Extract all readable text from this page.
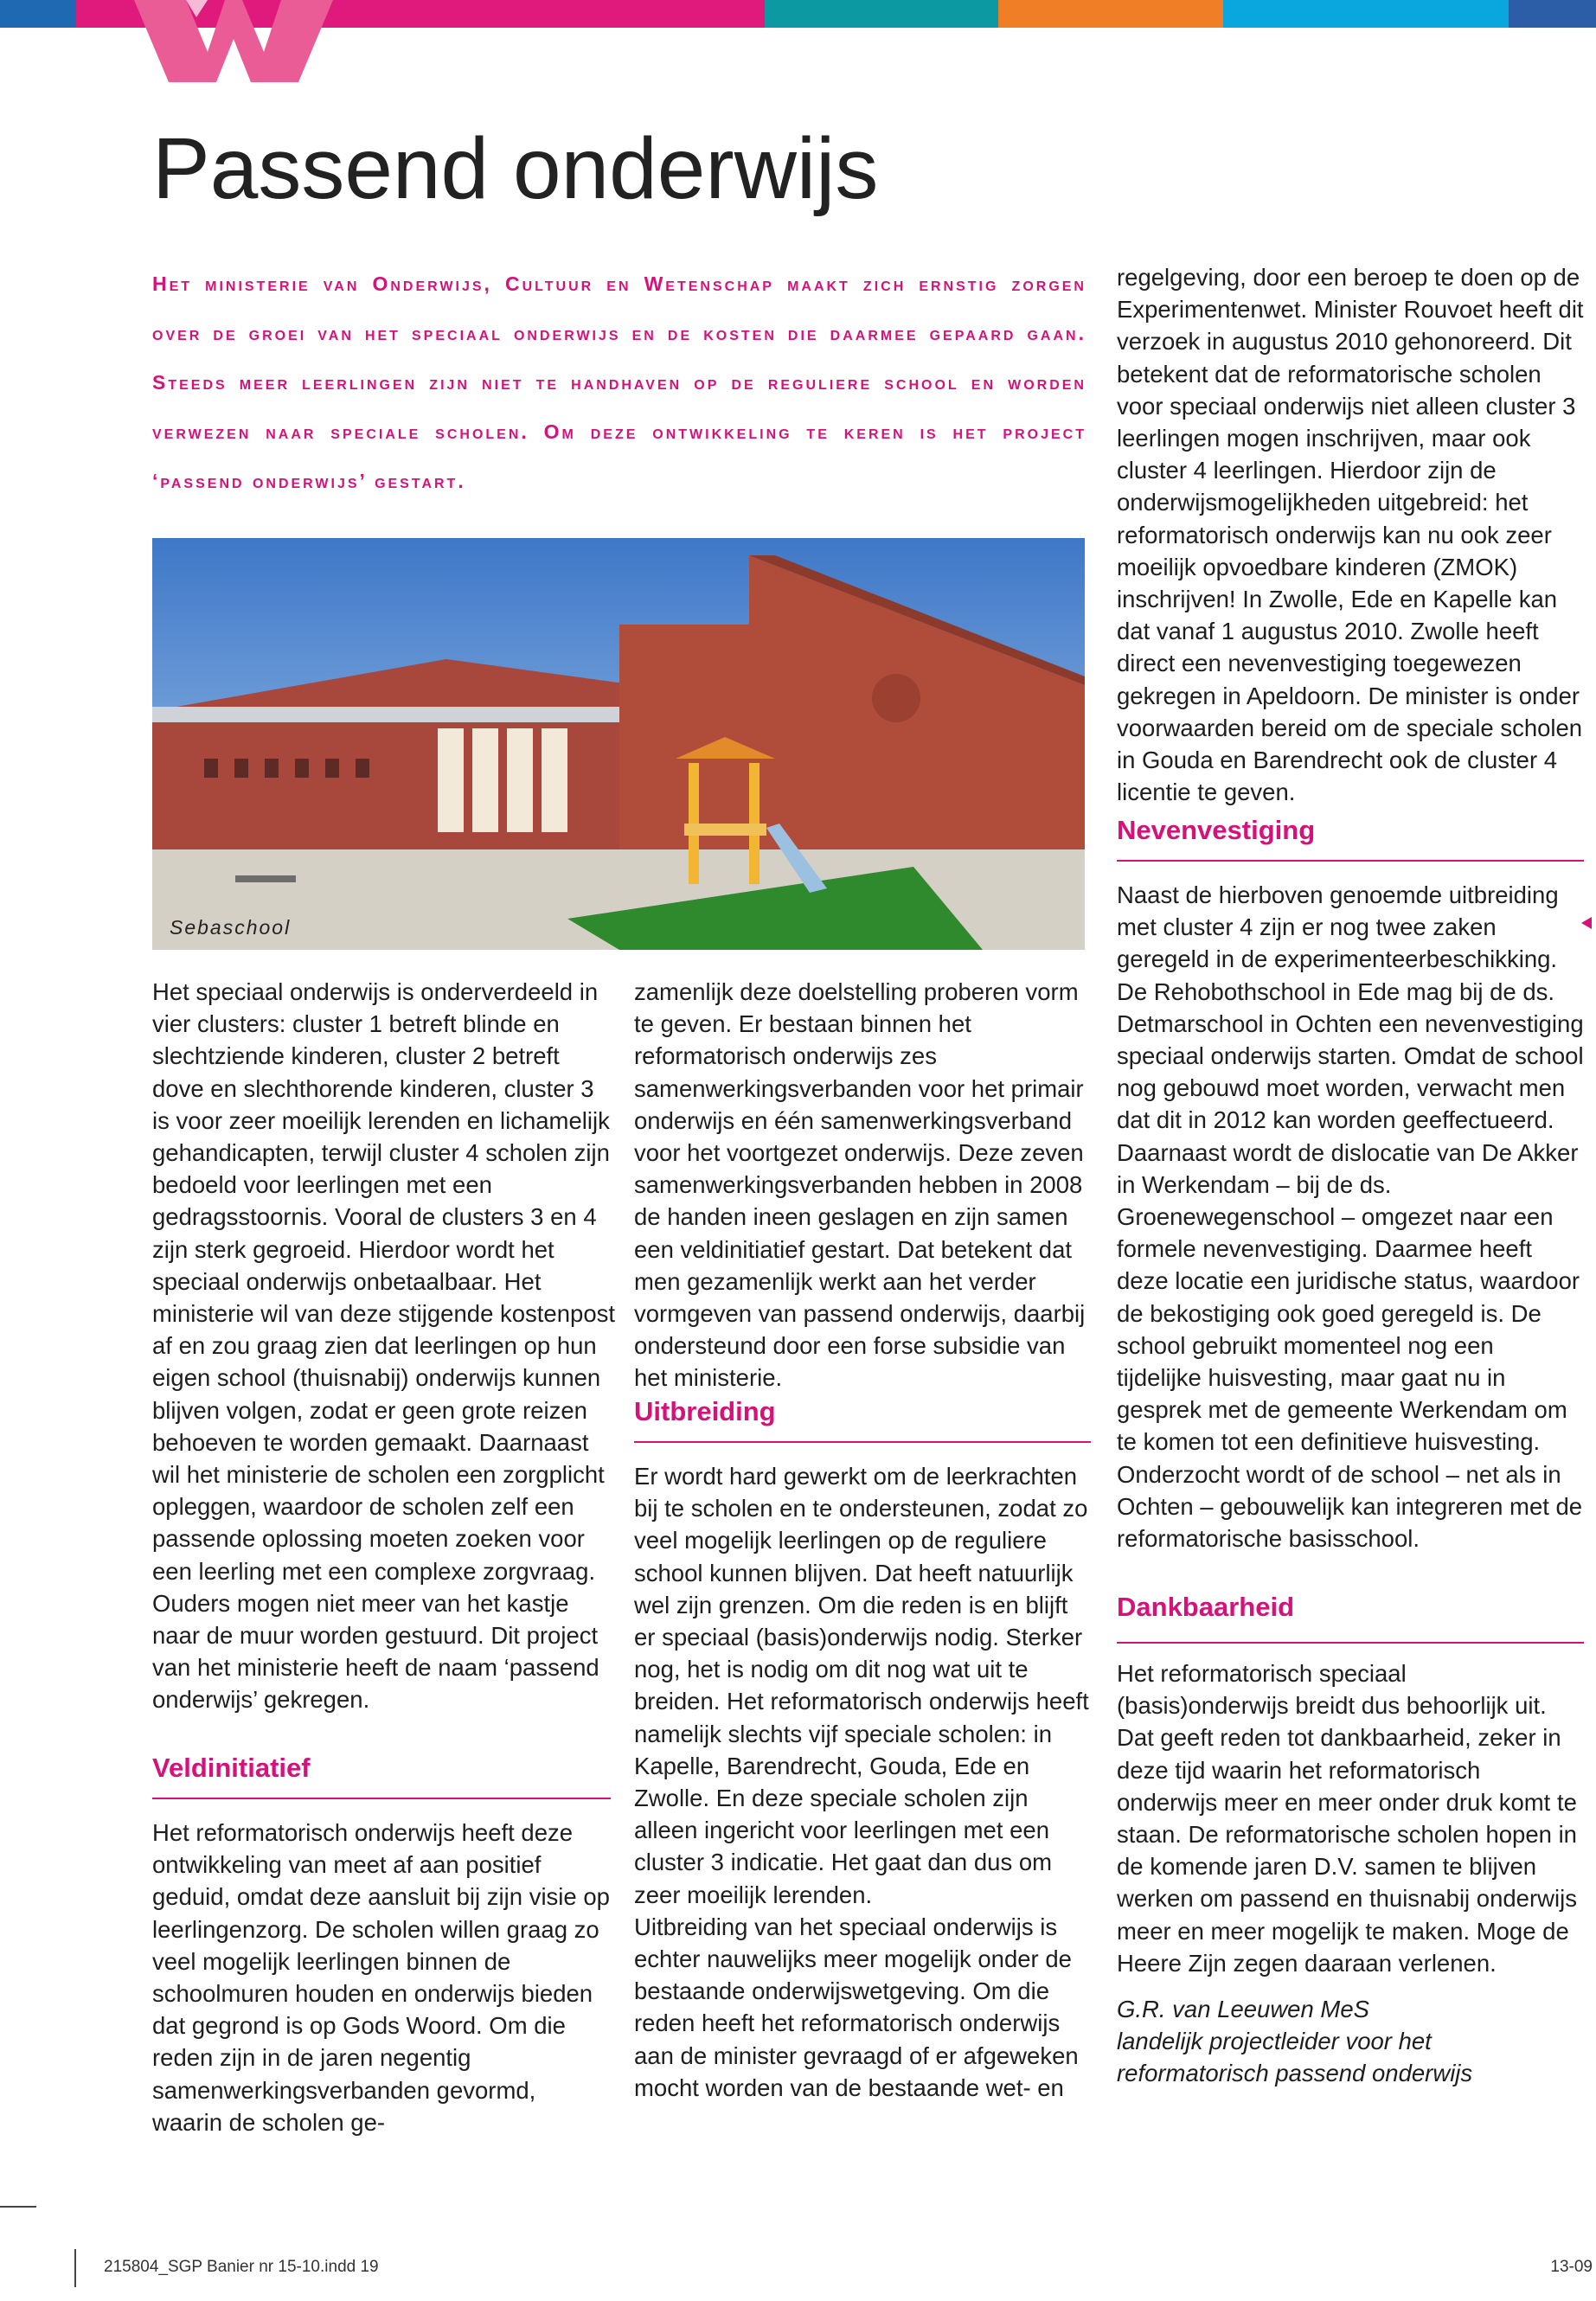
Passend onderwijs

Het ministerie van Onderwijs, Cultuur en Wetenschap maakt zich ernstig zorgen over de groei van het speciaal onderwijs en de kosten die daarmee gepaard gaan. Steeds meer leerlingen zijn niet te handhaven op de reguliere school en worden verwezen naar speciale scholen. Om deze ontwikkeling te keren is het project ‘passend onderwijs’ gestart.

Sebaschool

Het speciaal onderwijs is onderverdeeld in vier clusters: cluster 1 betreft blinde en slechtziende kinderen, cluster 2 betreft dove en slechthorende kinderen, cluster 3 is voor zeer moeilijk lerenden en lichamelijk gehandicapten, terwijl cluster 4 scholen zijn bedoeld voor leerlingen met een gedragsstoornis. Vooral de clusters 3 en 4 zijn sterk gegroeid. Hierdoor wordt het speciaal onderwijs onbetaalbaar. Het ministerie wil van deze stijgende kostenpost af en zou graag zien dat leerlingen op hun eigen school (thuisnabij) onderwijs kunnen blijven volgen, zodat er geen grote reizen behoeven te worden gemaakt. Daarnaast wil het ministerie de scholen een zorgplicht opleggen, waardoor de scholen zelf een passende oplossing moeten zoeken voor een leerling met een complexe zorgvraag. Ouders mogen niet meer van het kastje naar de muur worden gestuurd. Dit project van het ministerie heeft de naam ‘passend onderwijs’ gekregen.

Veldinitiatief

Het reformatorisch onderwijs heeft deze ontwikkeling van meet af aan positief geduid, omdat deze aansluit bij zijn visie op leerlingenzorg. De scholen willen graag zo veel mogelijk leerlingen binnen de schoolmuren houden en onderwijs bieden dat gegrond is op Gods Woord. Om die reden zijn in de jaren negentig samenwerkingsverbanden gevormd, waarin de scholen ge-

zamenlijk deze doelstelling proberen vorm te geven. Er bestaan binnen het reformatorisch onderwijs zes samenwerkingsverbanden voor het primair onderwijs en één samenwerkingsverband voor het voortgezet onderwijs. Deze zeven samenwerkingsverbanden hebben in 2008 de handen ineen geslagen en zijn samen een veldinitiatief gestart. Dat betekent dat men gezamenlijk werkt aan het verder vormgeven van passend onderwijs, daarbij ondersteund door een forse subsidie van het ministerie.

Uitbreiding

Er wordt hard gewerkt om de leerkrachten bij te scholen en te ondersteunen, zodat zo veel mogelijk leerlingen op de reguliere school kunnen blijven. Dat heeft natuurlijk wel zijn grenzen. Om die reden is en blijft er speciaal (basis)onderwijs nodig. Sterker nog, het is nodig om dit nog wat uit te breiden. Het reformatorisch onderwijs heeft namelijk slechts vijf speciale scholen: in Kapelle, Barendrecht, Gouda, Ede en Zwolle. En deze speciale scholen zijn alleen ingericht voor leerlingen met een cluster 3 indicatie. Het gaat dan dus om zeer moeilijk lerenden.

Uitbreiding van het speciaal onderwijs is echter nauwelijks meer mogelijk onder de bestaande onderwijswetgeving. Om die reden heeft het reformatorisch onderwijs aan de minister gevraagd of er afgeweken mocht worden van de bestaande wet- en

regelgeving, door een beroep te doen op de Experimentenwet. Minister Rouvoet heeft dit verzoek in augustus 2010 gehonoreerd. Dit betekent dat de reformatorische scholen voor speciaal onderwijs niet alleen cluster 3 leerlingen mogen inschrijven, maar ook cluster 4 leerlingen. Hierdoor zijn de onderwijsmogelijkheden uitgebreid: het reformatorisch onderwijs kan nu ook zeer moeilijk opvoedbare kinderen (ZMOK) inschrijven! In Zwolle, Ede en Kapelle kan dat vanaf 1 augustus 2010. Zwolle heeft direct een nevenvestiging toegewezen gekregen in Apeldoorn. De minister is onder voorwaarden bereid om de speciale scholen in Gouda en Barendrecht ook de cluster 4 licentie te geven.

Nevenvestiging

Naast de hierboven genoemde uitbreiding met cluster 4 zijn er nog twee zaken geregeld in de experimenteerbeschikking. De Rehobothschool in Ede mag bij de ds. Detmarschool in Ochten een nevenvestiging speciaal onderwijs starten. Omdat de school nog gebouwd moet worden, verwacht men dat dit in 2012 kan worden geeffectueerd. Daarnaast wordt de dislocatie van De Akker in Werkendam – bij de ds. Groenewegenschool – omgezet naar een formele nevenvestiging. Daarmee heeft deze locatie een juridische status, waardoor de bekostiging ook goed geregeld is. De school gebruikt momenteel nog een tijdelijke huisvesting, maar gaat nu in gesprek met de gemeente Werkendam om te komen tot een definitieve huisvesting. Onderzocht wordt of de school – net als in Ochten – gebouwelijk kan integreren met de reformatorische basisschool.

Dankbaarheid

Het reformatorisch speciaal (basis)onderwijs breidt dus behoorlijk uit. Dat geeft reden tot dankbaarheid, zeker in deze tijd waarin het reformatorisch onderwijs meer en meer onder druk komt te staan. De reformatorische scholen hopen in de komende jaren D.V. samen te blijven werken om passend en thuisnabij onderwijs meer en meer mogelijk te maken. Moge de Heere Zijn zegen daaraan verlenen.

G.R. van Leeuwen MeS

landelijk projectleider voor het reformatorisch passend onderwijs

215804_SGP Banier nr 15-10.indd 19	13-09
